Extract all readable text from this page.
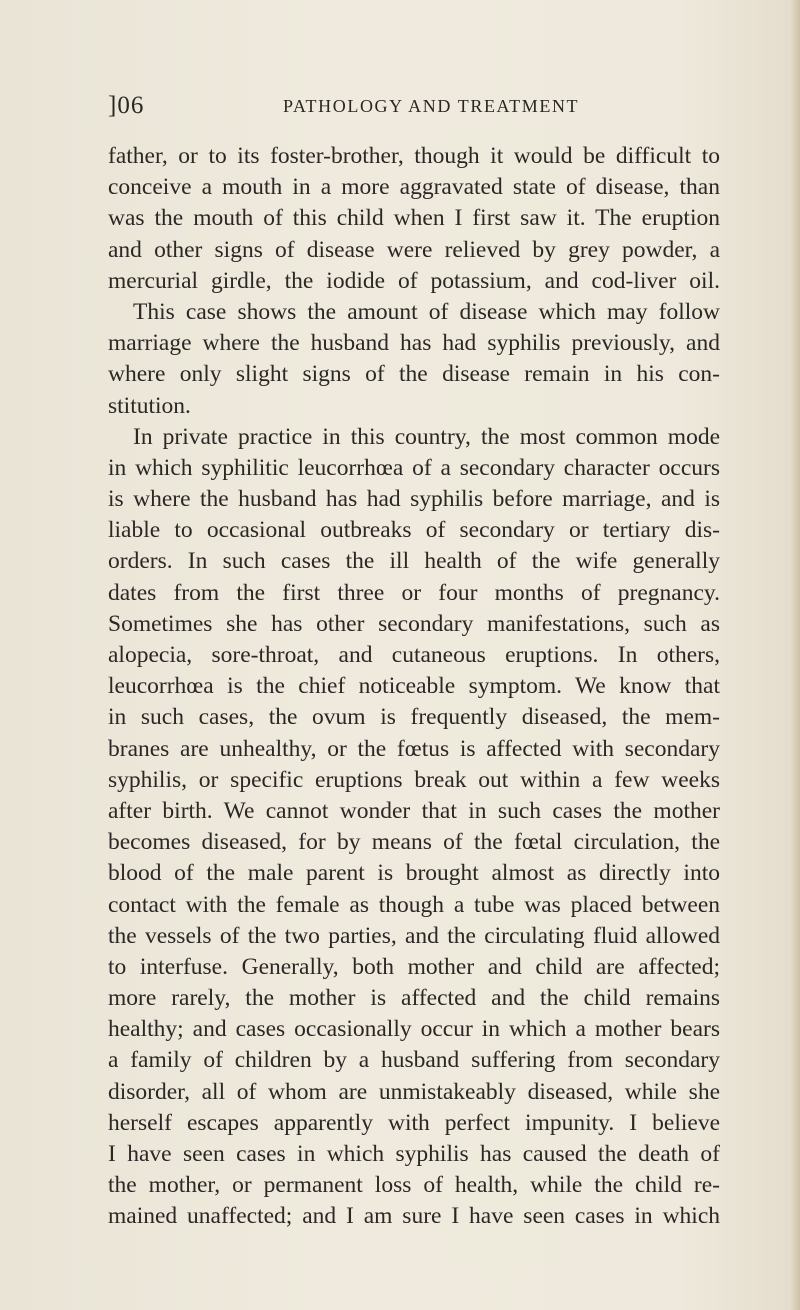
]06	PATHOLOGY AND TREATMENT
father, or to its foster-brother, though it would be difficult to
conceive a mouth in a more aggravated state of disease, than
was the mouth of this child when I first saw it. The eruption
and other signs of disease were relieved by grey powder, a
mercurial girdle, the iodide of potassium, and cod-liver oil.
This case shows the amount of disease which may follow
marriage where the husband has had syphilis previously, and
where only slight signs of the disease remain in his con-
stitution.
In private practice in this country, the most common mode
in which syphilitic leucorrhœa of a secondary character occurs
is where the husband has had syphilis before marriage, and is
liable to occasional outbreaks of secondary or tertiary dis-
orders. In such cases the ill health of the wife generally
dates from the first three or four months of pregnancy.
Sometimes she has other secondary manifestations, such as
alopecia, sore-throat, and cutaneous eruptions. In others,
leucorrhœa is the chief noticeable symptom. We know that
in such cases, the ovum is frequently diseased, the mem-
branes are unhealthy, or the fœtus is affected with secondary
syphilis, or specific eruptions break out within a few weeks
after birth. We cannot wonder that in such cases the mother
becomes diseased, for by means of the fœtal circulation, the
blood of the male parent is brought almost as directly into
contact with the female as though a tube was placed between
the vessels of the two parties, and the circulating fluid allowed
to interfuse. Generally, both mother and child are affected;
more rarely, the mother is affected and the child remains
healthy; and cases occasionally occur in which a mother bears
a family of children by a husband suffering from secondary
disorder, all of whom are unmistakeably diseased, while she
herself escapes apparently with perfect impunity. I believe
I have seen cases in which syphilis has caused the death of
the mother, or permanent loss of health, while the child re-
mained unaffected; and I am sure I have seen cases in which
